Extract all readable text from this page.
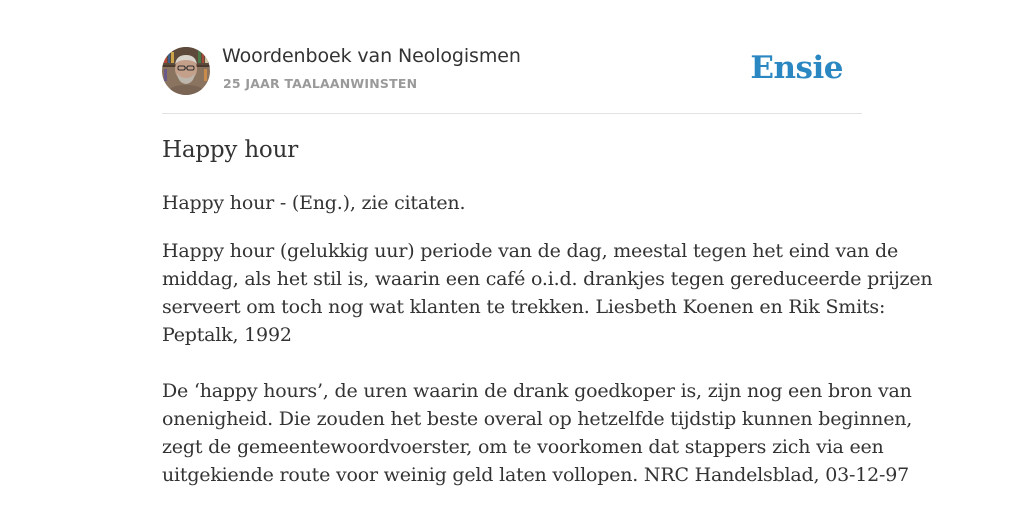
Woordenboek van Neologismen
25 JAAR TAALAANWINSTEN	Ensie
Happy hour

Happy hour - (Eng.), zie citaten.

Happy hour (gelukkig uur) periode van de dag, meestal tegen het eind van de
middag, als het stil is, waarin een café o.i.d. drankjes tegen gereduceerde prijzen
serveert om toch nog wat klanten te trekken. Liesbeth Koenen en Rik Smits:
Peptalk, 1992

De ‘happy hours’, de uren waarin de drank goedkoper is, zijn nog een bron van
onenigheid. Die zouden het beste overal op hetzelfde tijdstip kunnen beginnen,
zegt de gemeentewoordvoerster, om te voorkomen dat stappers zich via een
uitgekiende route voor weinig geld laten vollopen. NRC Handelsblad, 03-12-97
